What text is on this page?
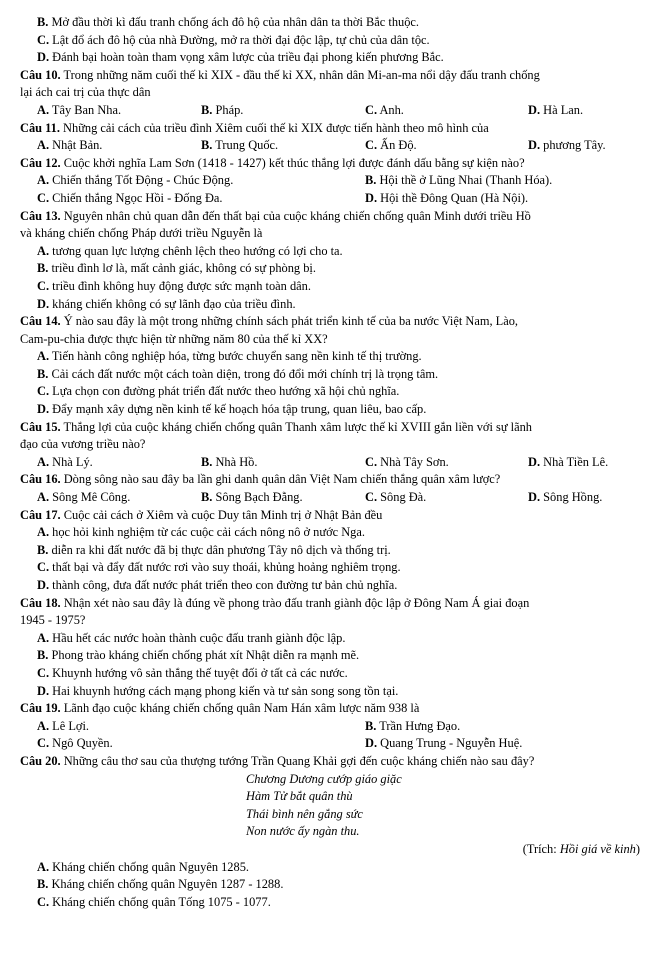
B. Mở đầu thời kì đấu tranh chống ách đô hộ của nhân dân ta thời Bắc thuộc.
C. Lật đổ ách đô hộ của nhà Đường, mở ra thời đại độc lập, tự chủ của dân tộc.
D. Đánh bại hoàn toàn tham vọng xâm lược của triều đại phong kiến phương Bắc.
Câu 10. Trong những năm cuối thế kỉ XIX - đầu thế kỉ XX, nhân dân Mi-an-ma nổi dậy đấu tranh chống
lại ách cai trị của thực dân
A. Tây Ban Nha.	B. Pháp.	C. Anh.	D. Hà Lan.
Câu 11. Những cải cách của triều đình Xiêm cuối thế kỉ XIX được tiến hành theo mô hình của
A. Nhật Bản.	B. Trung Quốc.	C. Ấn Độ.	D. phương Tây.
Câu 12. Cuộc khởi nghĩa Lam Sơn (1418 - 1427) kết thúc thắng lợi được đánh dấu bằng sự kiện nào?
A. Chiến thắng Tốt Động - Chúc Động.	B. Hội thề ở Lũng Nhai (Thanh Hóa).
C. Chiến thắng Ngọc Hồi - Đống Đa.	D. Hội thề Đông Quan (Hà Nội).
Câu 13. Nguyên nhân chủ quan dẫn đến thất bại của cuộc kháng chiến chống quân Minh dưới triều Hồ
và kháng chiến chống Pháp dưới triều Nguyễn là
A. tương quan lực lượng chênh lệch theo hướng có lợi cho ta.
B. triều đình lơ là, mất cảnh giác, không có sự phòng bị.
C. triều đình không huy động được sức mạnh toàn dân.
D. kháng chiến không có sự lãnh đạo của triều đình.
Câu 14. Ý nào sau đây là một trong những chính sách phát triển kinh tế của ba nước Việt Nam, Lào,
Cam-pu-chia được thực hiện từ những năm 80 của thế kỉ XX?
A. Tiến hành công nghiệp hóa, từng bước chuyển sang nền kinh tế thị trường.
B. Cải cách đất nước một cách toàn diện, trong đó đổi mới chính trị là trọng tâm.
C. Lựa chọn con đường phát triển đất nước theo hướng xã hội chủ nghĩa.
D. Đẩy mạnh xây dựng nền kinh tế kế hoạch hóa tập trung, quan liêu, bao cấp.
Câu 15. Thắng lợi của cuộc kháng chiến chống quân Thanh xâm lược thế kỉ XVIII gắn liền với sự lãnh
đạo của vương triều nào?
A. Nhà Lý.	B. Nhà Hồ.	C. Nhà Tây Sơn.	D. Nhà Tiền Lê.
Câu 16. Dòng sông nào sau đây ba lần ghi danh quân dân Việt Nam chiến thắng quân xâm lược?
A. Sông Mê Công.	B. Sông Bạch Đằng.	C. Sông Đà.	D. Sông Hồng.
Câu 17. Cuộc cải cách ở Xiêm và cuộc Duy tân Minh trị ở Nhật Bản đều
A. học hỏi kinh nghiệm từ các cuộc cải cách nông nô ở nước Nga.
B. diễn ra khi đất nước đã bị thực dân phương Tây nô dịch và thống trị.
C. thất bại và đẩy đất nước rơi vào suy thoái, khủng hoảng nghiêm trọng.
D. thành công, đưa đất nước phát triển theo con đường tư bản chủ nghĩa.
Câu 18. Nhận xét nào sau đây là đúng về phong trào đấu tranh giành độc lập ở Đông Nam Á giai đoạn
1945 - 1975?
A. Hầu hết các nước hoàn thành cuộc đấu tranh giành độc lập.
B. Phong trào kháng chiến chống phát xít Nhật diễn ra mạnh mẽ.
C. Khuynh hướng vô sản thắng thế tuyệt đối ở tất cả các nước.
D. Hai khuynh hướng cách mạng phong kiến và tư sản song song tồn tại.
Câu 19. Lãnh đạo cuộc kháng chiến chống quân Nam Hán xâm lược năm 938 là
A. Lê Lợi.	B. Trần Hưng Đạo.
C. Ngô Quyền.	D. Quang Trung - Nguyễn Huệ.
Câu 20. Những câu thơ sau của thượng tướng Trần Quang Khải gợi đến cuộc kháng chiến nào sau đây?
Chương Dương cướp giáo giặc
Hàm Tử bắt quân thù
Thái bình nên gắng sức
Non nước ấy ngàn thu.
(Trích: Hồi giá về kinh)
A. Kháng chiến chống quân Nguyên 1285.
B. Kháng chiến chống quân Nguyên 1287 - 1288.
C. Kháng chiến chống quân Tống 1075 - 1077.
